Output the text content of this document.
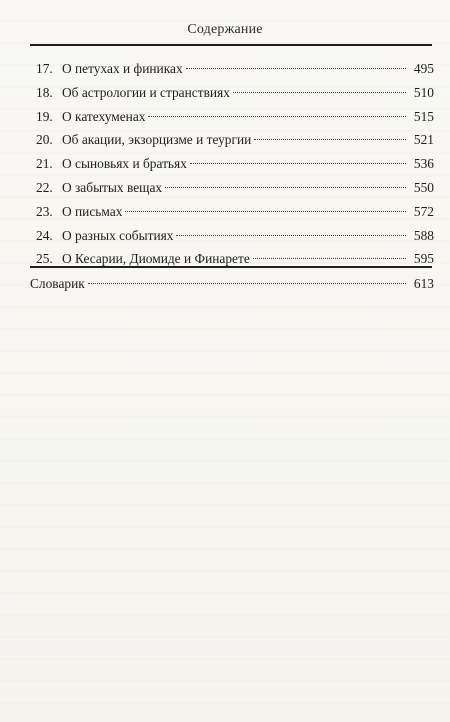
Содержание
17. О петухах и финиках	495
18. Об астрологии и странствиях	510
19. О катехуменах	515
20. Об акации, экзорцизме и теургии	521
21. О сыновьях и братьях	536
22. О забытых вещах	550
23. О письмах	572
24. О разных событиях	588
25. О Кесарии, Диомиде и Финарете	595
Словарик	613
